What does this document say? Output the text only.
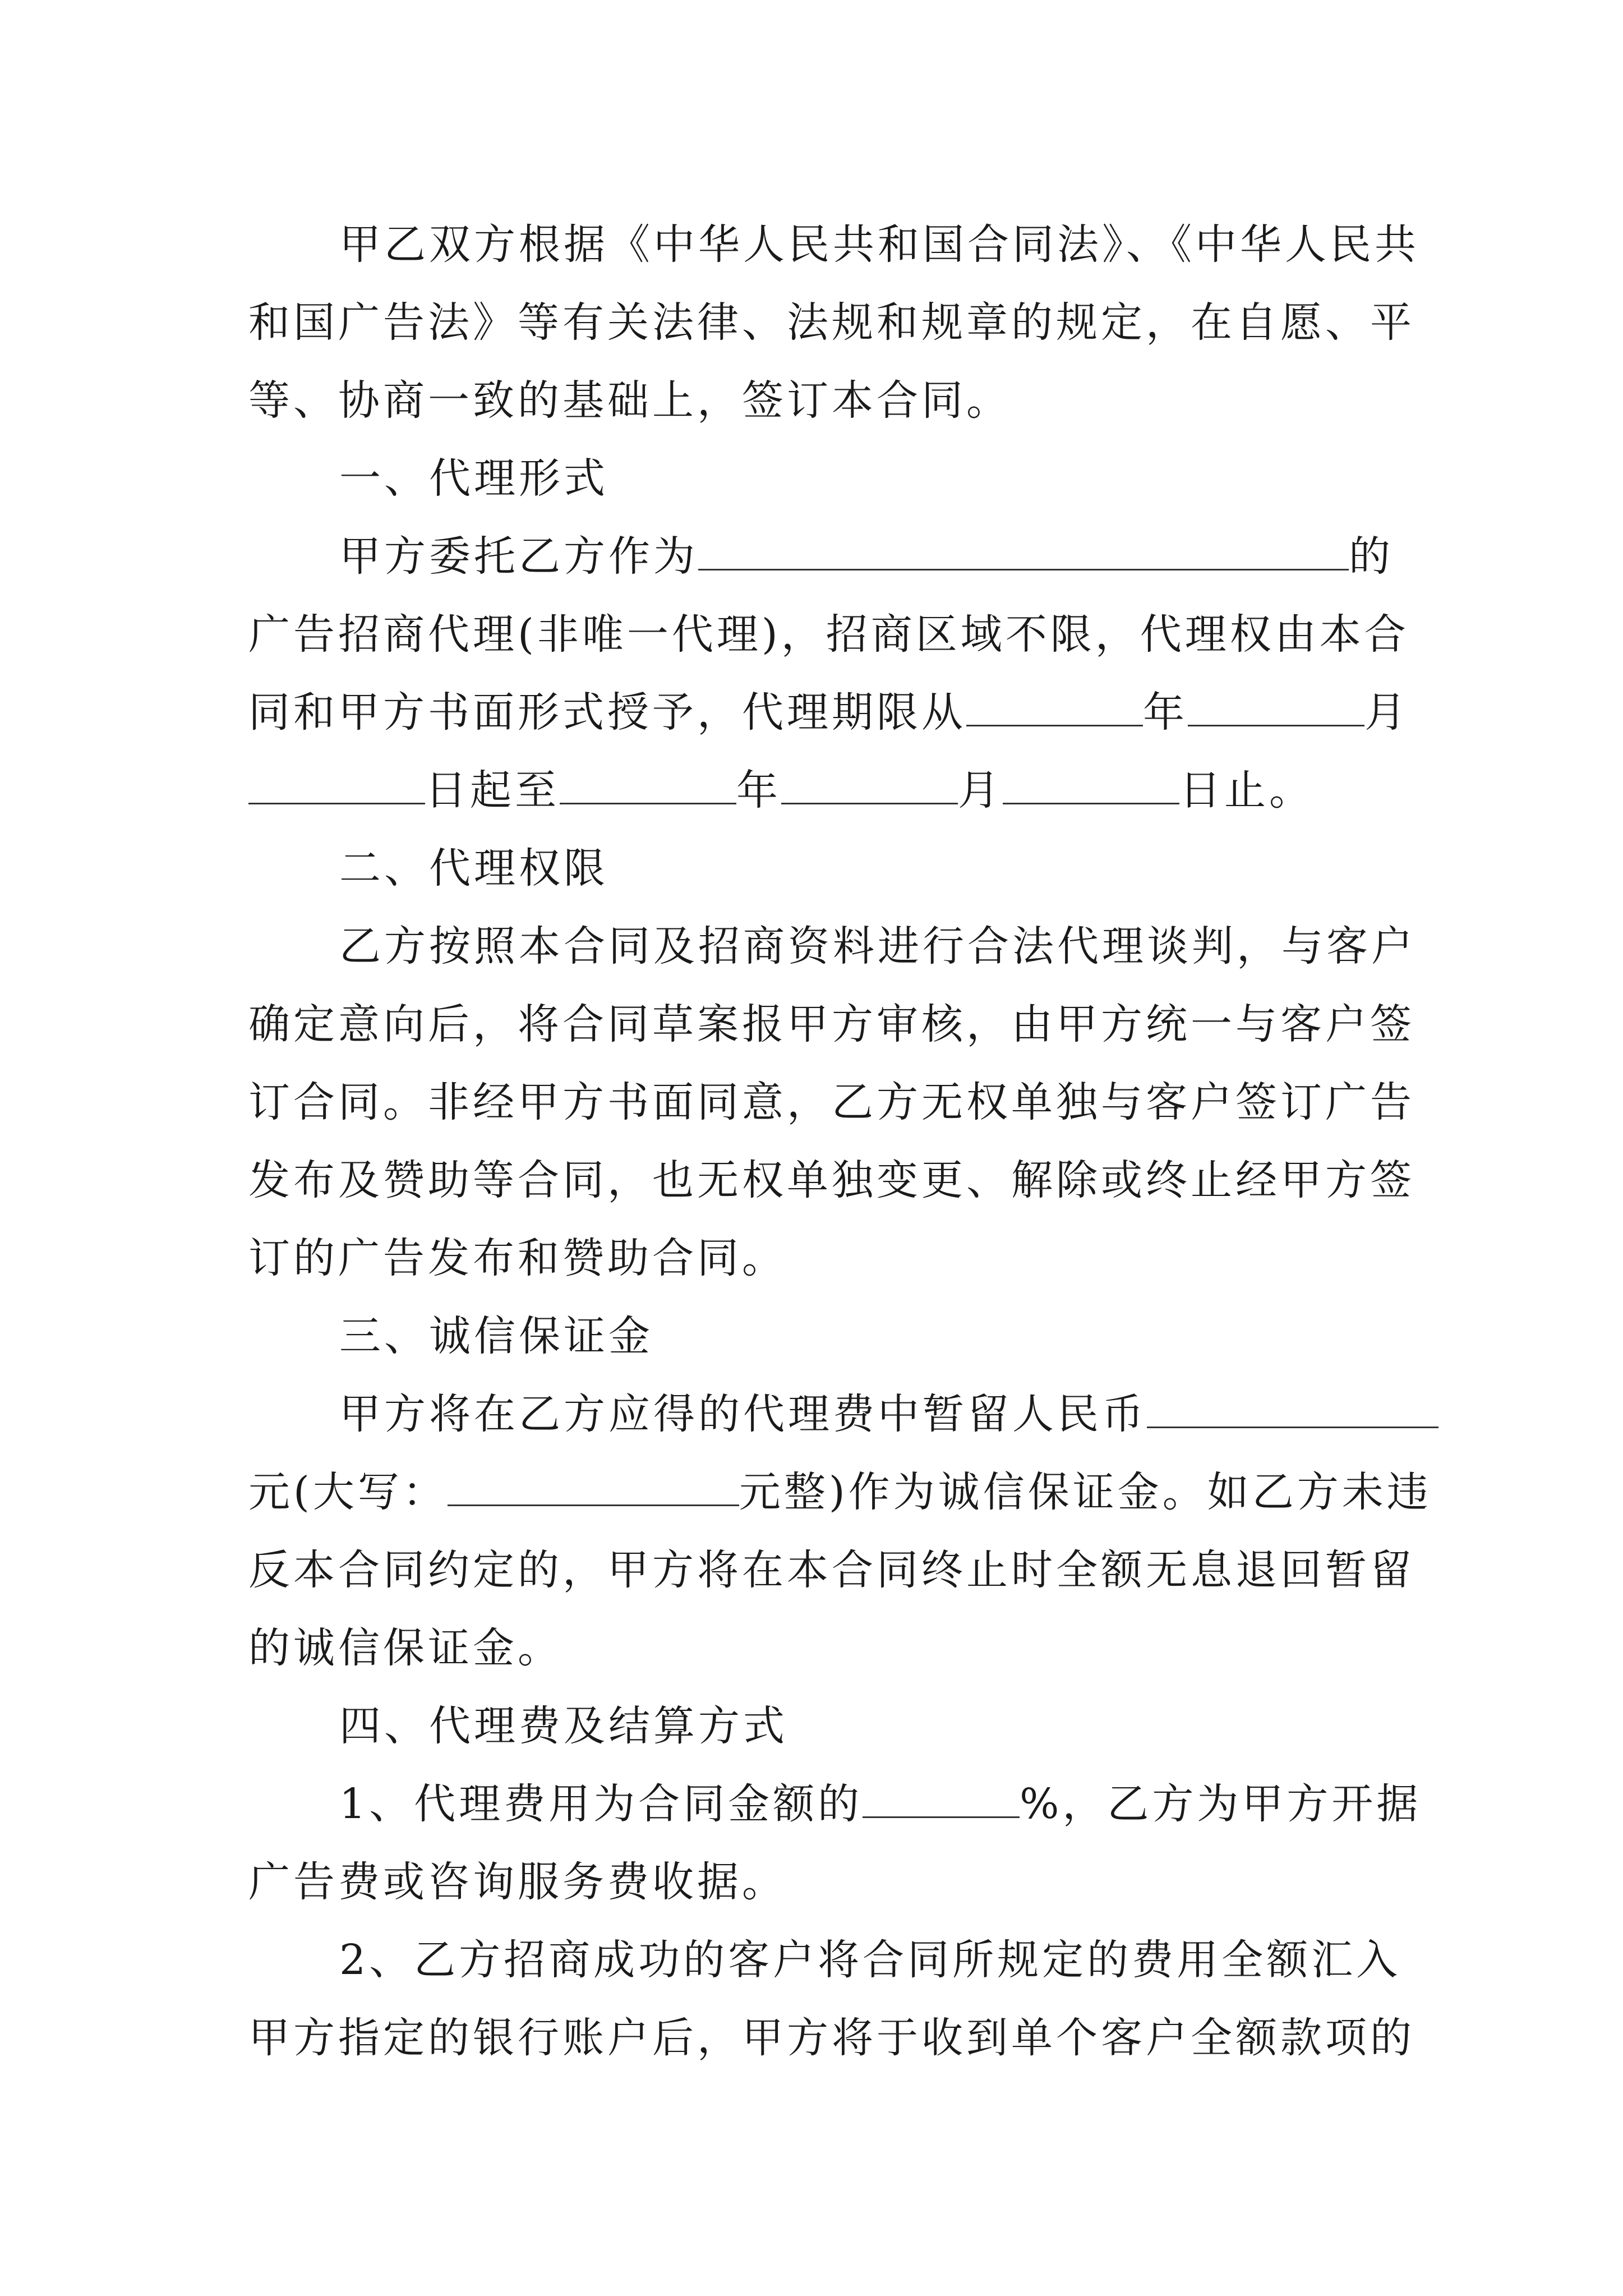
甲乙双方根据《中华人民共和国合同法》、《中华人民共
和国广告法》等有关法律、法规和规章的规定，在自愿、平
等、协商一致的基础上，签订本合同。
一、代理形式
甲方委托乙方作为	的
广告招商代理(非唯一代理)，招商区域不限，代理权由本合
同和甲方书面形式授予，代理期限从	年	月
日起至	年	月	日止。
二、代理权限
乙方按照本合同及招商资料进行合法代理谈判，与客户
确定意向后，将合同草案报甲方审核，由甲方统一与客户签
订合同。非经甲方书面同意，乙方无权单独与客户签订广告
发布及赞助等合同，也无权单独变更、解除或终止经甲方签
订的广告发布和赞助合同。
三、诚信保证金
甲方将在乙方应得的代理费中暂留人民币
元(大写：	元整)作为诚信保证金。如乙方未违
反本合同约定的，甲方将在本合同终止时全额无息退回暂留
的诚信保证金。
四、代理费及结算方式
1、代理费用为合同金额的	%，乙方为甲方开据
广告费或咨询服务费收据。
2、乙方招商成功的客户将合同所规定的费用全额汇入
甲方指定的银行账户后，甲方将于收到单个客户全额款项的
